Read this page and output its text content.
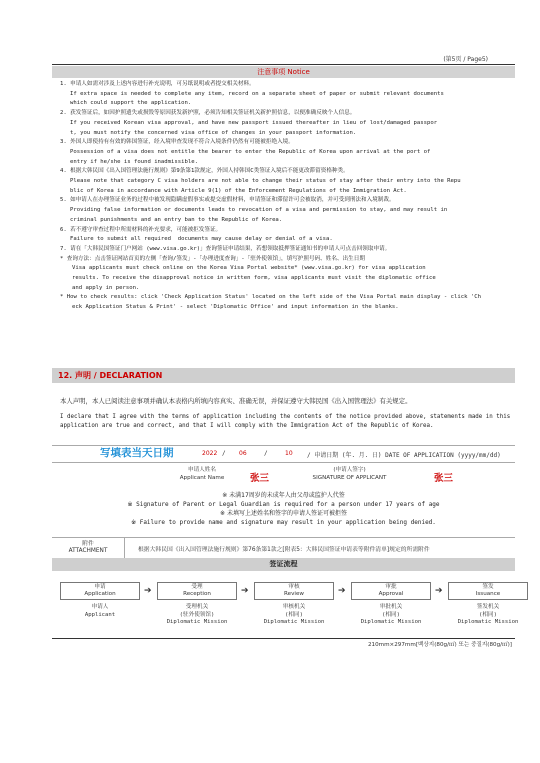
(第5页 / Page5)
注意事项 Notice

1. 申请人如需对涉及上述内容进行补充说明，可另纸说明或者提交相关材料。

If extra space is needed to complete any item, record on a separate sheet of paper or submit relevant documents

which could support the application.

2. 获发签证后，如因护照遗失或损毁等原因获发新护照，必须告知相关签证机关新护照信息，以便准确反映个人信息。

If you received Korean visa approval, and have new passport issued thereafter in lieu of lost/damaged passpor

t, you must notify the concerned visa office of changes in your passport information.

3. 外国人即使持有有效的韩国签证，经入境审查发现不符合入境条件仍然有可能被拒绝入境。

Possession of a visa does not entitle the bearer to enter the Republic of Korea upon arrival at the port of

entry if he/she is found inadmissible.

4. 根据大韩民国《出入国管理法施行规则》第9条第1款规定，外国人持韩国C类签证入境后不能更改滞留资格种类。

Please note that category C visa holders are not able to change their status of stay after their entry into the Repu

blic of Korea in accordance with Article 9(1) of the Enforcement Regulations of the Immigration Act.

5. 如申请人在办理签证业务的过程中被发现隐瞒虚假事实或提交虚假材料，申请签证和滞留许可会被取消，并可受到刑法和入境制裁。

Providing false information or documents leads to revocation of a visa and permission to stay, and may result in

criminal punishments and an entry ban to the Republic of Korea.

6. 若不遵守审查过程中所需材料的补充要求，可能被拒发签证。

Failure to submit all required  documents may cause delay or denial of a visa.

7. 请在「大韩民国签证门户网站 (www.visa.go.kr)」查询签证申请结果，若想领取抵押签证通知书的申请人可点击回领取申请。

* 查询方法：点击签证网站首页的左侧「查询/签发」-「办理进度查询」-「驻外使领馆」，填写护照号码、姓名、出生日期

Visa applicants must check online on the Korea Visa Portal website* (www.visa.go.kr) for visa application

results. To receive the disapproval notice in written form, visa applicants must visit the diplomatic office

and apply in person.

* How to check results: click 'Check Application Status' located on the left side of the Visa Portal main display - click 'Ch

eck Application Status & Print' - select 'Diplomatic Office' and input information in the blanks.

12. 声明 / DECLARATION
本人声明，本人已阅读注意事项并确认本表格内所填内容真实、准确无误，并保证遵守大韩民国《出入国管理法》有关规定。
I declare that I agree with the terms of application including the contents of the notice provided above, statements made in this application are true and correct, and that I will comply with the Immigration Act of the Republic of Korea.
写填表当天日期	2022 / 06	/	10 / 申请日期 (年. 月. 日) DATE OF APPLICATION (yyyy/mm/dd)
申请人姓名
Applicant Name	张三
(申请人签字)
SIGNATURE OF APPLICANT	张三
※ 未满17周岁的未成年人由父母或监护人代签
※ Signature of Parent or Legal Guardian is required for a person under 17 years of age
※ 未填写上述姓名和签字的申请人签证可被拒签
※ Failure to provide name and signature may result in your application being denied.
附件
ATTACHMENT	根据大韩民国《出入国管理法施行规则》第76条第1款之[附表5：大韩民国签证申请表等附件清单]规定的所需附件
签证流程
申请
Application
申请人
Applicant
➔	受理
Reception
受理机关
(驻外使领馆)
Diplomatic Mission
➔	审核
Review
审核机关
(相同)
Diplomatic Mission
➔	审批
Approval
审批机关
(相同)
Diplomatic Mission
➔	签发
Issuance
签发机关
(相同)
Diplomatic Mission
210mm×297mm[백상지(80g/㎡) 또는 중질지(80g/㎡)]
